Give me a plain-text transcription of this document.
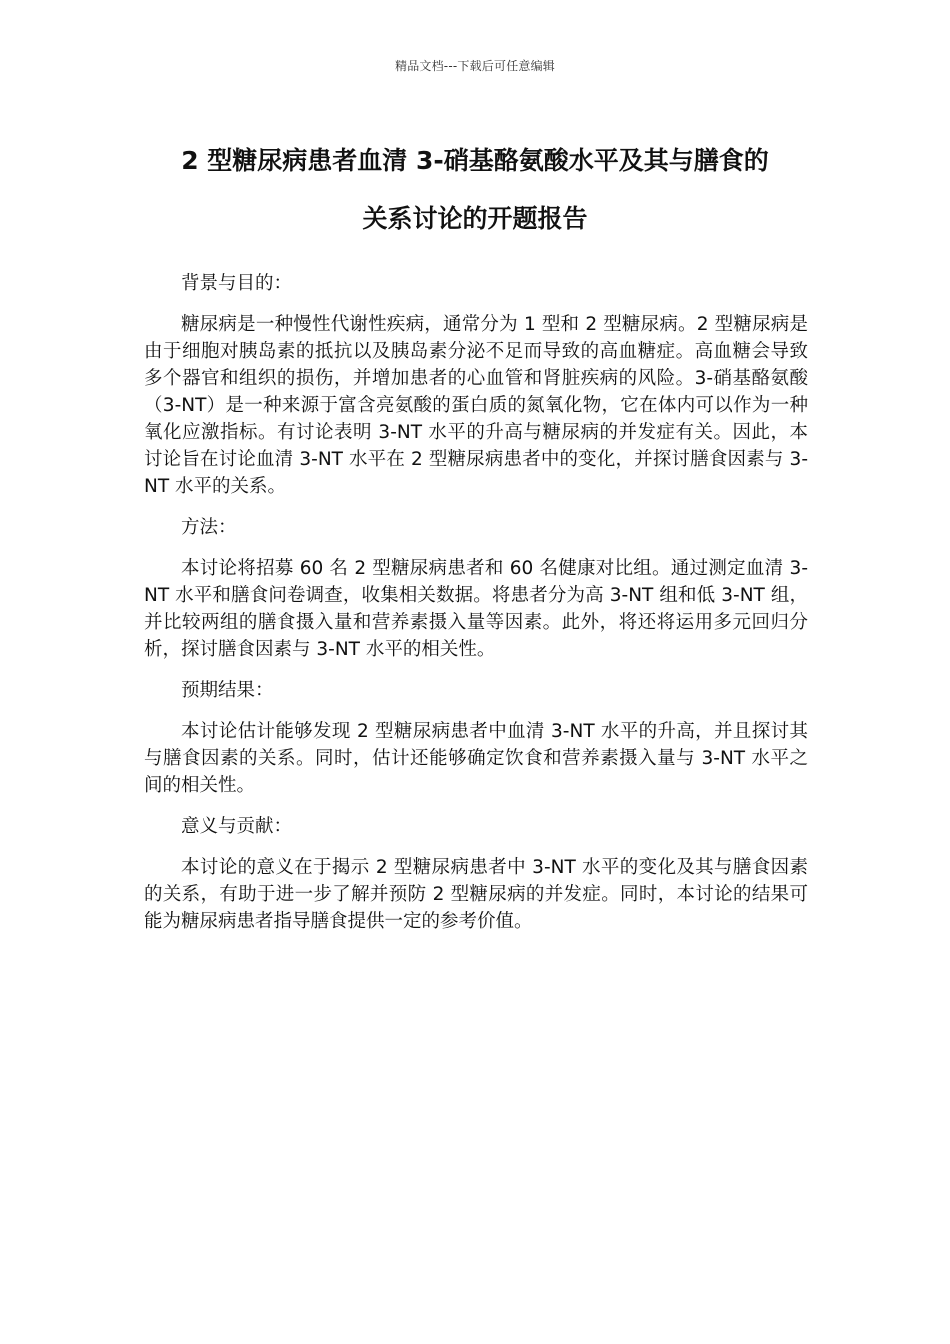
精品文档---下载后可任意编辑
2 型糖尿病患者血清 3-硝基酪氨酸水平及其与膳食的
关系讨论的开题报告

背景与目的：

糖尿病是一种慢性代谢性疾病，通常分为 1 型和 2 型糖尿病。2 型糖尿病是由于细胞对胰岛素的抵抗以及胰岛素分泌不足而导致的高血糖症。高血糖会导致多个器官和组织的损伤，并增加患者的心血管和肾脏疾病的风险。3-硝基酪氨酸（3-NT）是一种来源于富含亮氨酸的蛋白质的氮氧化物，它在体内可以作为一种氧化应激指标。有讨论表明 3-NT 水平的升高与糖尿病的并发症有关。因此，本讨论旨在讨论血清 3-NT 水平在 2 型糖尿病患者中的变化，并探讨膳食因素与 3-NT 水平的关系。

方法：

本讨论将招募 60 名 2 型糖尿病患者和 60 名健康对比组。通过测定血清 3-NT 水平和膳食问卷调查，收集相关数据。将患者分为高 3-NT 组和低 3-NT 组，并比较两组的膳食摄入量和营养素摄入量等因素。此外，将还将运用多元回归分析，探讨膳食因素与 3-NT 水平的相关性。

预期结果：

本讨论估计能够发现 2 型糖尿病患者中血清 3-NT 水平的升高，并且探讨其与膳食因素的关系。同时，估计还能够确定饮食和营养素摄入量与 3-NT 水平之间的相关性。

意义与贡献：

本讨论的意义在于揭示 2 型糖尿病患者中 3-NT 水平的变化及其与膳食因素的关系，有助于进一步了解并预防 2 型糖尿病的并发症。同时，本讨论的结果可能为糖尿病患者指导膳食提供一定的参考价值。
